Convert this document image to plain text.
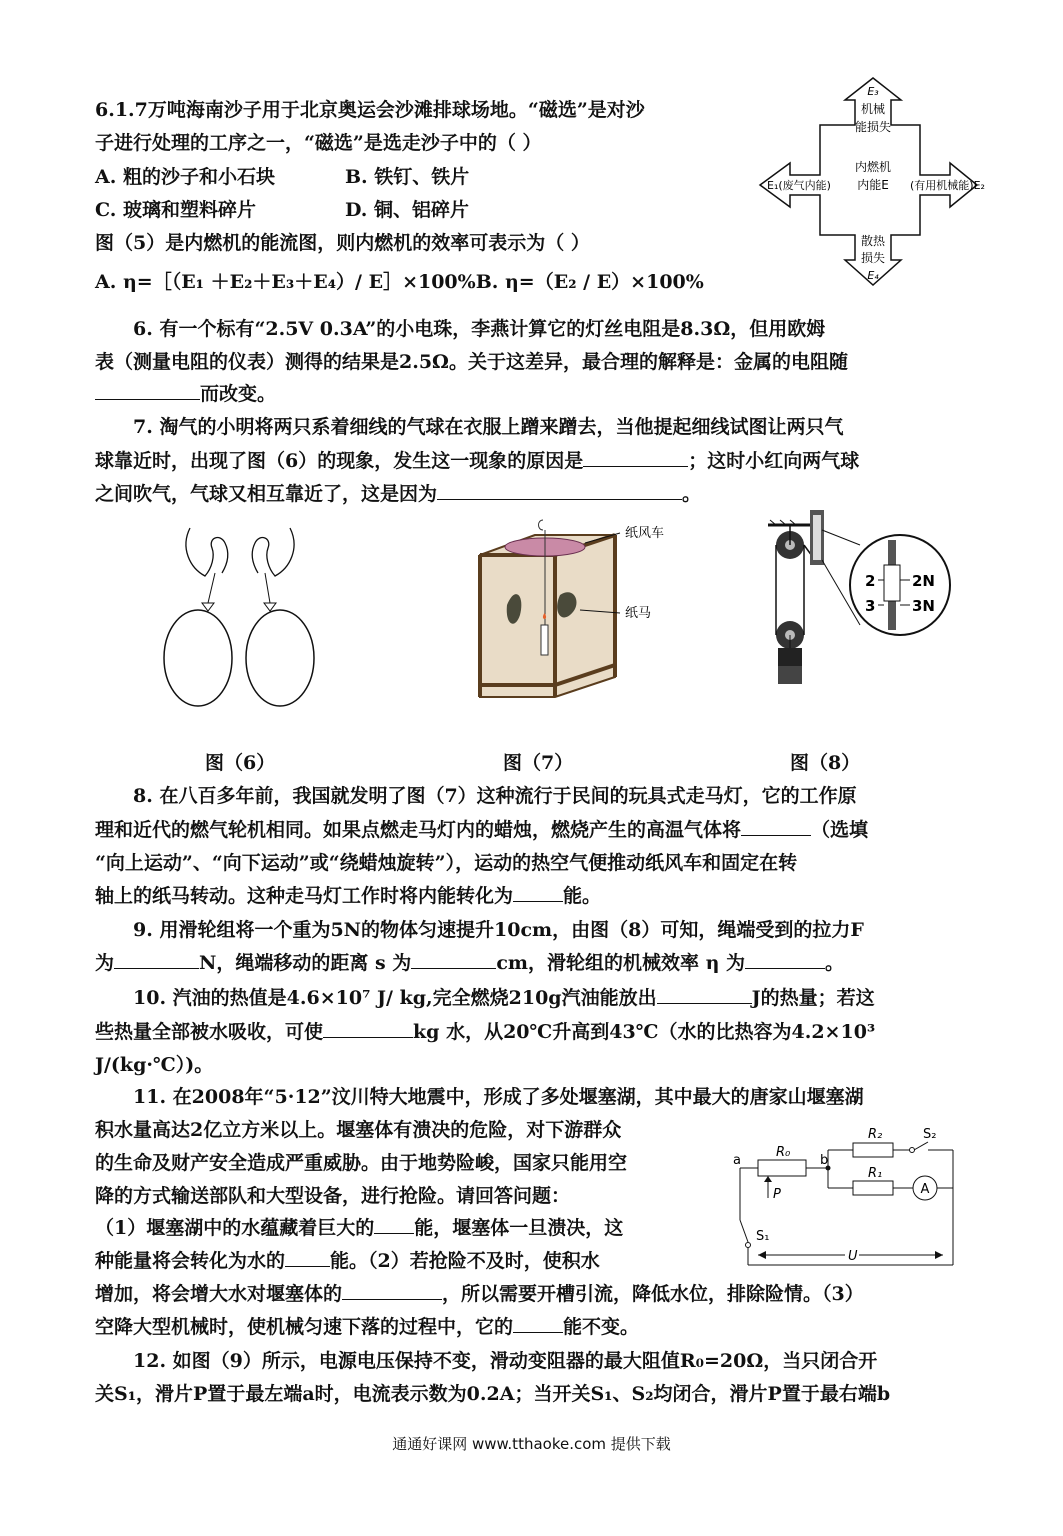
6.1.7万吨海南沙子用于北京奥运会沙滩排球场地。“磁选”是对沙
子进行处理的工序之一，“磁选”是选走沙子中的（ ）
A. 粗的沙子和小石块	B. 铁钉、铁片
C. 玻璃和塑料碎片	D. 铜、铝碎片
图（5）是内燃机的能流图，则内燃机的效率可表示为（ ）
A. η=［（E₁ ＋E₂＋E₃＋E₄）/ E］×100%B. η=（E₂ / E）×100%
E₃
机械
能损失
内燃机
内能E
E₁(废气内能)	(有用机械能)E₂
散热
损失
E₄
6. 有一个标有“2.5V 0.3A”的小电珠，李燕计算它的灯丝电阻是8.3Ω，但用欧姆
表（测量电阻的仪表）测得的结果是2.5Ω。关于这差异，最合理的解释是：金属的电阻随
而改变。
7. 淘气的小明将两只系着细线的气球在衣服上蹭来蹭去，当他提起细线试图让两只气
球靠近时，出现了图（6）的现象，发生这一现象的原因是	；这时小红向两气球
之间吹气，气球又相互靠近了，这是因为	。
纸风车
纸马
2
3
2N
3N
图（6）	图（7）	图（8）
8. 在八百多年前，我国就发明了图（7）这种流行于民间的玩具式走马灯，它的工作原
理和近代的燃气轮机相同。如果点燃走马灯内的蜡烛，燃烧产生的高温气体将	（选填
“向上运动”、“向下运动”或“绕蜡烛旋转”），运动的热空气便推动纸风车和固定在转
轴上的纸马转动。这种走马灯工作时将内能转化为	能。
9. 用滑轮组将一个重为5N的物体匀速提升10cm，由图（8）可知，绳端受到的拉力F
为	N，绳端移动的距离 s 为	cm，滑轮组的机械效率 η 为	。
10. 汽油的热值是4.6×10⁷ J/ kg,完全燃烧210g汽油能放出	J的热量；若这
些热量全部被水吸收，可使	kg 水，从20℃升高到43℃（水的比热容为4.2×10³
J/(kg·℃）)。
11. 在2008年“5·12”汶川特大地震中，形成了多处堰塞湖，其中最大的唐家山堰塞湖
积水量高达2亿立方米以上。堰塞体有溃决的危险，对下游群众
的生命及财产安全造成严重威胁。由于地势险峻，国家只能用空
降的方式输送部队和大型设备，进行抢险。请回答问题：
（1）堰塞湖中的水蕴藏着巨大的 能，堰塞体一旦溃决，这
种能量将会转化为水的 能。（2）若抢险不及时，使积水
增加，将会增大水对堰塞体的	，所以需要开槽引流，降低水位，排除险情。（3）
空降大型机械时，使机械匀速下落的过程中，它的	能不变。
A
a	b
R₀
R₂
R₁
S₂
S₁
P
U
12. 如图（9）所示，电源电压保持不变，滑动变阻器的最大阻值R₀=20Ω，当只闭合开
关S₁，滑片P置于最左端a时，电流表示数为0.2A；当开关S₁、S₂均闭合，滑片P置于最右端b
通通好课网 www.tthaoke.com 提供下载
